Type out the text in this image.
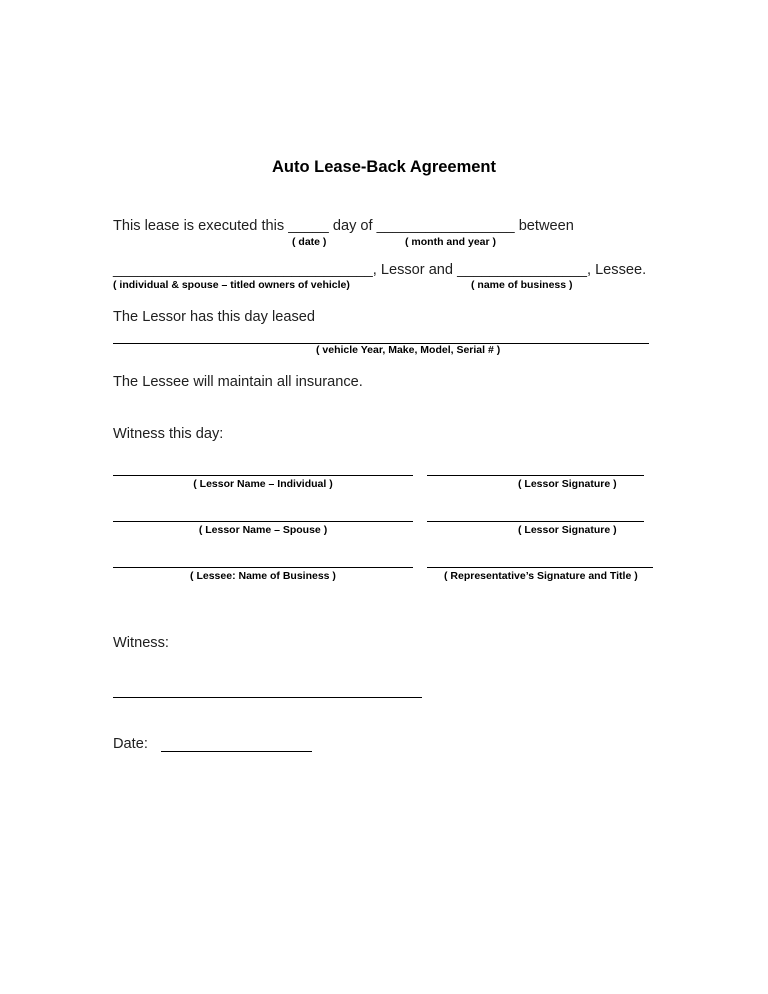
Auto Lease-Back Agreement
This lease is executed this _____ day of _________________ between
( date )	( month and year )
________________________________, Lessor and ________________, Lessee.
( individual & spouse – titled owners of vehicle)	( name of business )
The Lessor has this day leased
( vehicle Year, Make, Model, Serial # )
The Lessee will maintain all insurance.
Witness this day:
( Lessor Name – Individual )	( Lessor Signature )
( Lessor Name – Spouse )	( Lessor Signature )
( Lessee: Name of Business )	( Representative’s Signature and Title )
Witness:
Date:
